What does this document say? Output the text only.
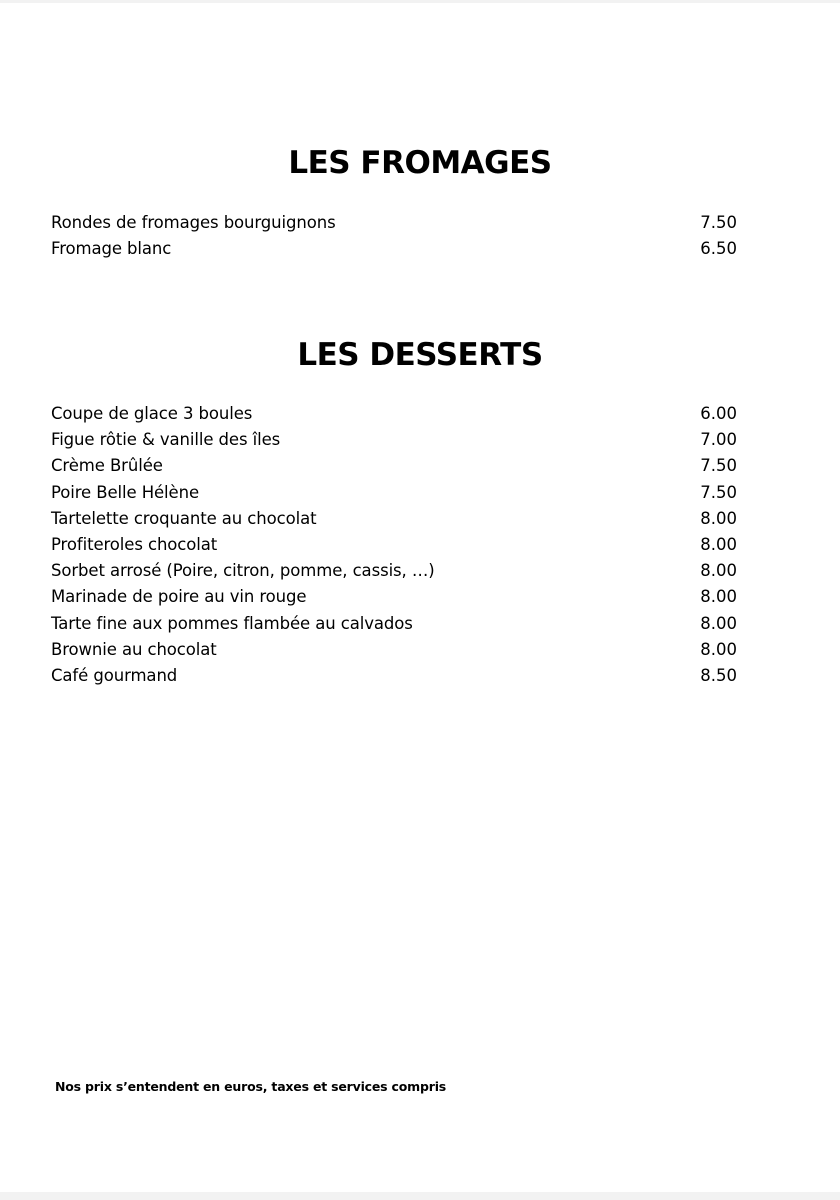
LES FROMAGES
Rondes de fromages bourguignons	7.50
Fromage blanc	6.50
LES DESSERTS
Coupe de glace 3 boules	6.00
Figue rôtie & vanille des îles	7.00
Crème Brûlée	7.50
Poire Belle Hélène	7.50
Tartelette croquante au chocolat	8.00
Profiteroles chocolat	8.00
Sorbet arrosé (Poire, citron, pomme, cassis, …)	8.00
Marinade de poire au vin rouge	8.00
Tarte fine aux pommes flambée au calvados	8.00
Brownie au chocolat	8.00
Café gourmand	8.50
Nos prix s’entendent en euros, taxes et services compris
